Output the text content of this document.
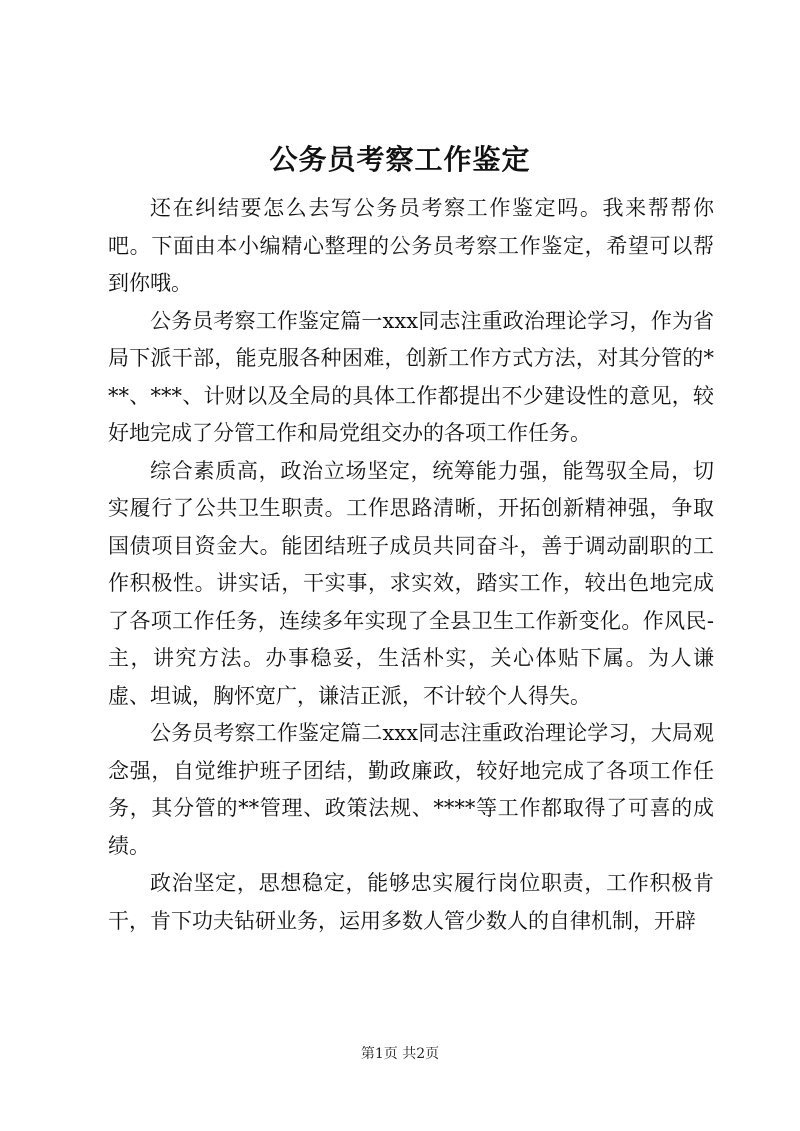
公务员考察工作鉴定

还在纠结要怎么去写公务员考察工作鉴定吗。我来帮帮你吧。下面由本小编精心整理的公务员考察工作鉴定，希望可以帮到你哦。

公务员考察工作鉴定篇一xxx同志注重政治理论学习，作为省局下派干部，能克服各种困难，创新工作方式方法，对其分管的***、***、计财以及全局的具体工作都提出不少建设性的意见，较好地完成了分管工作和局党组交办的各项工作任务。

综合素质高，政治立场坚定，统筹能力强，能驾驭全局，切实履行了公共卫生职责。工作思路清晰，开拓创新精神强，争取国债项目资金大。能团结班子成员共同奋斗，善于调动副职的工作积极性。讲实话，干实事，求实效，踏实工作，较出色地完成了各项工作任务，连续多年实现了全县卫生工作新变化。作风民-主，讲究方法。办事稳妥，生活朴实，关心体贴下属。为人谦虚、坦诚，胸怀宽广，谦洁正派，不计较个人得失。

公务员考察工作鉴定篇二xxx同志注重政治理论学习，大局观念强，自觉维护班子团结，勤政廉政，较好地完成了各项工作任务，其分管的**管理、政策法规、****等工作都取得了可喜的成绩。

政治坚定，思想稳定，能够忠实履行岗位职责，工作积极肯干，肯下功夫钻研业务，运用多数人管少数人的自律机制，开辟

第1页 共2页
